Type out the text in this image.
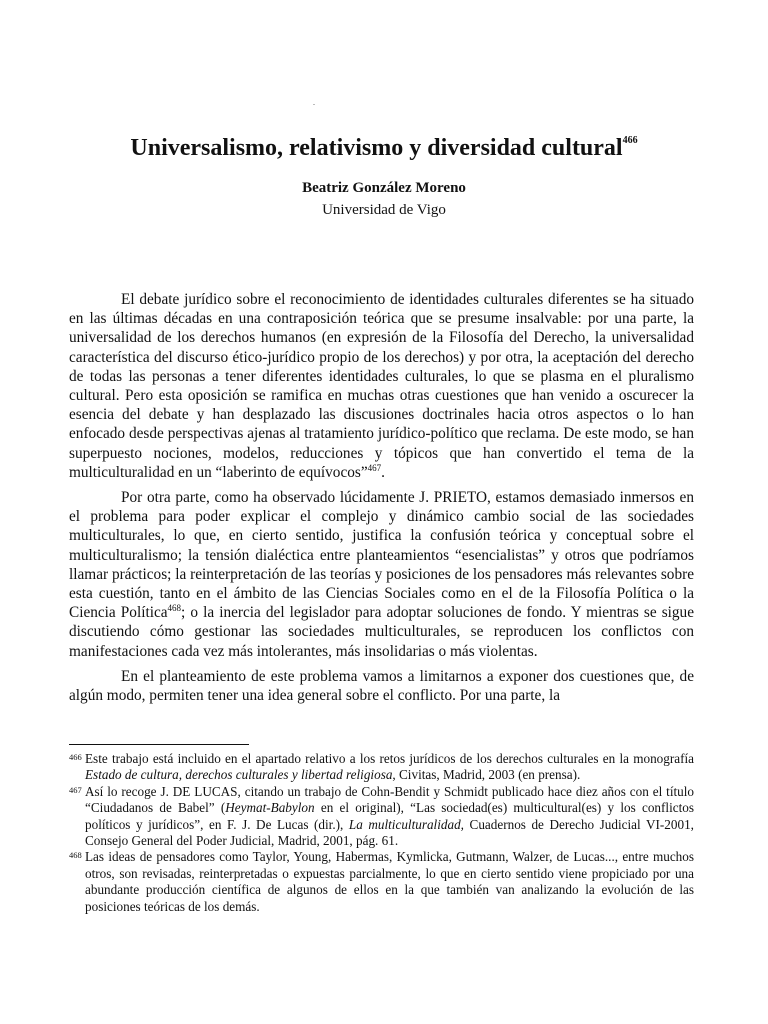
Universalismo, relativismo y diversidad cultural$^{466}$
Beatriz González Moreno
Universidad de Vigo

El debate jurídico sobre el reconocimiento de identidades culturales diferentes se ha situado en las últimas décadas en una contraposición teórica que se presume insalvable: por una parte, la universalidad de los derechos humanos (en expresión de la Filosofía del Derecho, la universalidad característica del discurso ético-jurídico propio de los derechos) y por otra, la aceptación del derecho de todas las personas a tener diferentes identidades culturales, lo que se plasma en el pluralismo cultural. Pero esta oposición se ramifica en muchas otras cuestiones que han venido a oscurecer la esencia del debate y han desplazado las discusiones doctrinales hacia otros aspectos o lo han enfocado desde perspectivas ajenas al tratamiento jurídico-político que reclama. De este modo, se han superpuesto nociones, modelos, reducciones y tópicos que han convertido el tema de la multiculturalidad en un “laberinto de equívocos”$^{467}$.

Por otra parte, como ha observado lúcidamente J. PRIETO, estamos demasiado inmersos en el problema para poder explicar el complejo y dinámico cambio social de las sociedades multiculturales, lo que, en cierto sentido, justifica la confusión teórica y conceptual sobre el multiculturalismo; la tensión dialéctica entre planteamientos “esencialistas” y otros que podríamos llamar prácticos; la reinterpretación de las teorías y posiciones de los pensadores más relevantes sobre esta cuestión, tanto en el ámbito de las Ciencias Sociales como en el de la Filosofía Política o la Ciencia Política$^{468}$; o la inercia del legislador para adoptar soluciones de fondo. Y mientras se sigue discutiendo cómo gestionar las sociedades multiculturales, se reproducen los conflictos con manifestaciones cada vez más intolerantes, más insolidarias o más violentas.

En el planteamiento de este problema vamos a limitarnos a exponer dos cuestiones que, de algún modo, permiten tener una idea general sobre el conflicto. Por una parte, la

466 Este trabajo está incluido en el apartado relativo a los retos jurídicos de los derechos culturales en la monografía Estado de cultura, derechos culturales y libertad religiosa, Civitas, Madrid, 2003 (en prensa).
467 Así lo recoge J. DE LUCAS, citando un trabajo de Cohn-Bendit y Schmidt publicado hace diez años con el título “Ciudadanos de Babel” (Heymat-Babylon en el original), “Las sociedad(es) multicultural(es) y los conflictos políticos y jurídicos”, en F. J. De Lucas (dir.), La multiculturalidad, Cuadernos de Derecho Judicial VI-2001, Consejo General del Poder Judicial, Madrid, 2001, pág. 61.
468 Las ideas de pensadores como Taylor, Young, Habermas, Kymlicka, Gutmann, Walzer, de Lucas..., entre muchos otros, son revisadas, reinterpretadas o expuestas parcialmente, lo que en cierto sentido viene propiciado por una abundante producción científica de algunos de ellos en la que también van analizando la evolución de las posiciones teóricas de los demás.
